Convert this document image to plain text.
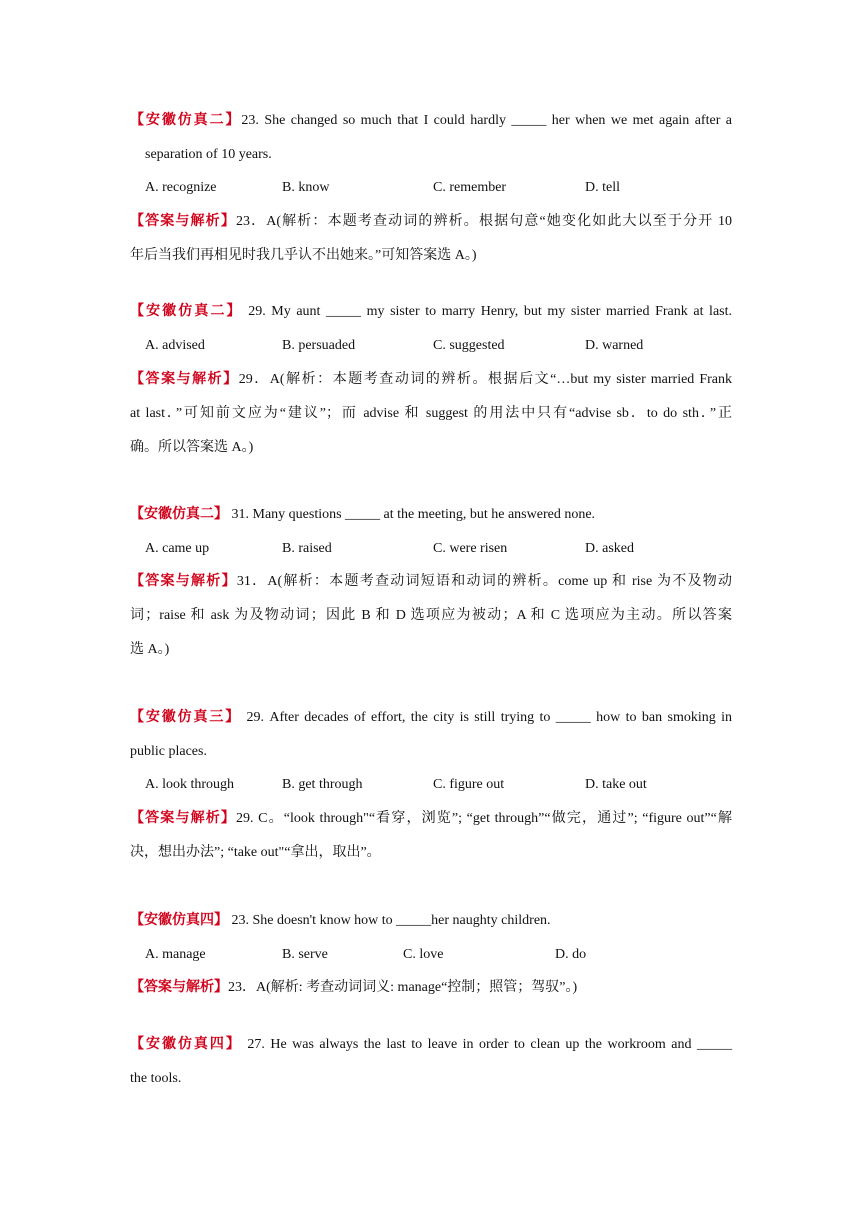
【安徽仿真二】23. She changed so much that I could hardly _____ her when we met again after a
separation of 10 years.
A. recognize	B. know	C. remember	D. tell
【答案与解析】23．A(解析：本题考查动词的辨析。根据句意“她变化如此大以至于分开 10
年后当我们再相见时我几乎认不出她来。”可知答案选 A。)
【安徽仿真二】 29. My aunt _____ my sister to marry Henry, but my sister married Frank at last.
A. advised	B. persuaded	C. suggested	D. warned
【答案与解析】29．A(解析：本题考查动词的辨析。根据后文“…but my sister married Frank
at last．”可知前文应为“建议”；而 advise 和 suggest 的用法中只有“advise sb．to do sth．”正
确。所以答案选 A。)
【安徽仿真二】 31. Many questions _____ at the meeting, but he answered none.
A. came up	B. raised	C. were risen	D. asked
【答案与解析】31．A(解析：本题考查动词短语和动词的辨析。come up 和 rise 为不及物动
词；raise 和 ask 为及物动词；因此 B 和 D 选项应为被动；A 和 C 选项应为主动。所以答案
选 A。)
【安徽仿真三】 29. After decades of effort, the city is still trying to _____ how to ban smoking in
public places.
A. look through	B. get through	C. figure out	D. take out
【答案与解析】29. C。“look through"“看穿，浏览”; “get through”“做完，通过”; “figure out”“解
决，想出办法”; “take out"“拿出，取出”。
【安徽仿真四】 23. She doesn't know how to _____her naughty children.
A. manage	B. serve	C. love	D. do
【答案与解析】23．A(解析: 考查动词词义: manage“控制；照管；驾驭”。)
【安徽仿真四】 27. He was always the last to leave in order to clean up the workroom and _____
the tools.
